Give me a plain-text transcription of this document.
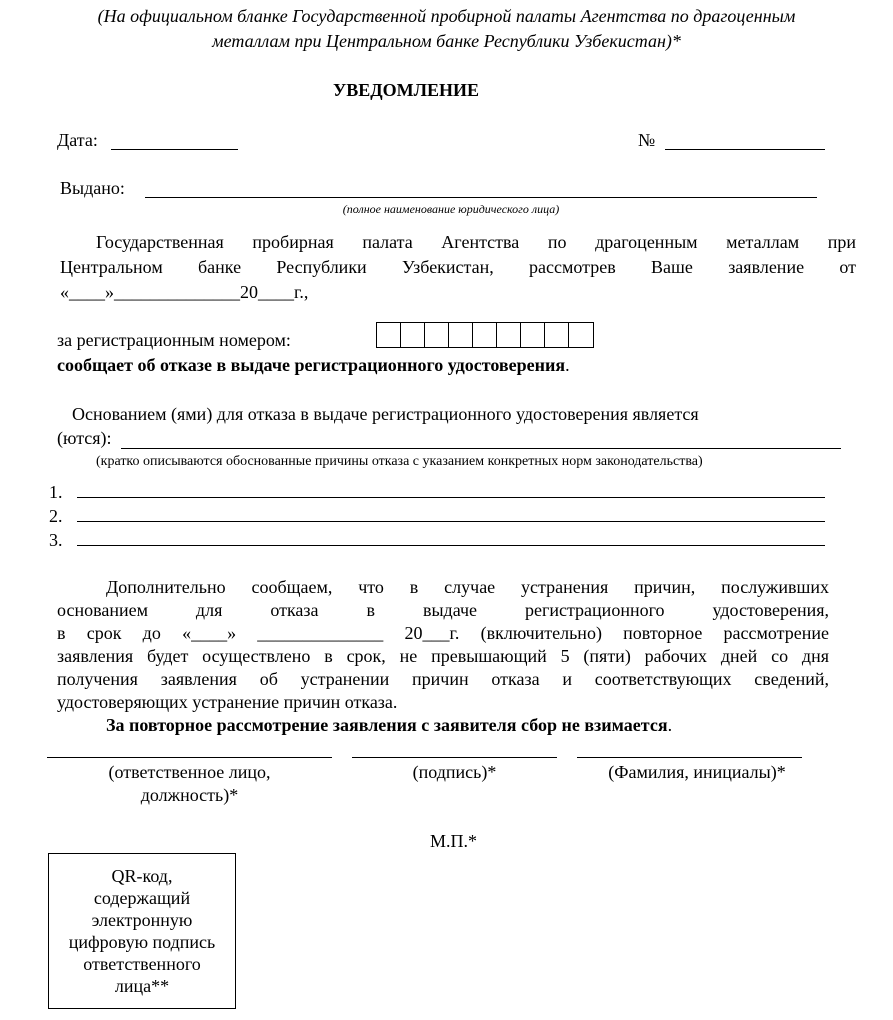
(На официальном бланке Государственной пробирной палаты Агентства по драгоценным
металлам при Центральном банке Республики Узбекистан)*
УВЕДОМЛЕНИЕ
Дата:	№
Выдано:
(полное наименование юридического лица)
Государственная пробирная палата Агентства по драгоценным металлам при
Центральном банке Республики Узбекистан, рассмотрев Ваше заявление от
«____»______________20____г.,
за регистрационным номером:
сообщает об отказе в выдаче регистрационного удостоверения.
Основанием (ями) для отказа в выдаче регистрационного удостоверения является
(ются):
(кратко описываются обоснованные причины отказа с указанием конкретных норм законодательства)
1.
2.
3.
Дополнительно сообщаем, что в случае устранения причин, послуживших
основанием для отказа в выдаче регистрационного удостоверения,
в срок до «____» ______________ 20___г. (включительно) повторное рассмотрение
заявления будет осуществлено в срок, не превышающий 5 (пяти) рабочих дней со дня
получения заявления об устранении причин отказа и соответствующих сведений,
удостоверяющих устранение причин отказа.
За повторное рассмотрение заявления с заявителя сбор не взимается.
(ответственное лицо,
должность)*
(подпись)*	(Фамилия, инициалы)*
М.П.*
QR-код,
содержащий
электронную
цифровую подпись
ответственного
лица**
